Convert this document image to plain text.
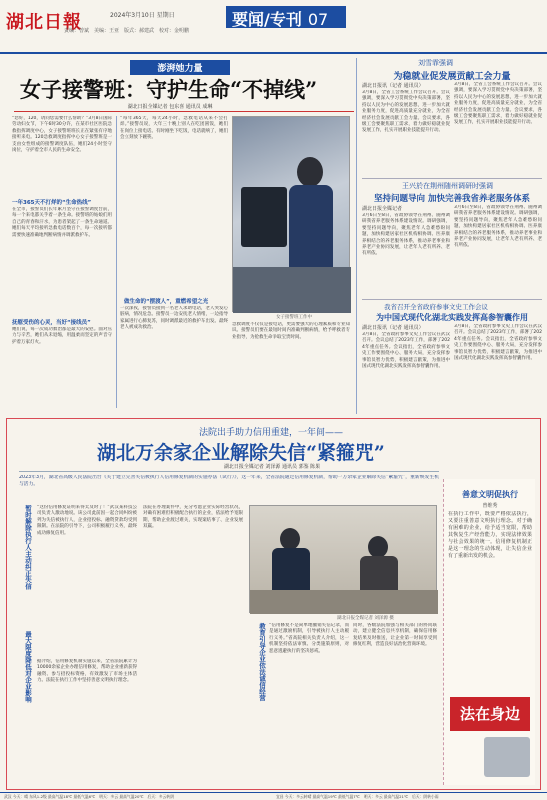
湖北日報	2024年3月10日 星期日
责编：曾斌　美编：王亚　版式：郝建武　校对：金明鹏
要闻/专刊 07
澎湃她力量
女子接警班：守护生命“不掉线”
湖北日报全媒记者 包东喜 通讯员 成琳
“您好，120，请问您需要什么帮助？”3月8日国际劳动妇女节，下午6时30分许，在某市社区医院急救指挥调度中心，女子接警班班长正在紧张有序地接听来电。120急救调度指挥中心女子接警班是一支由女性组成的接警调度队伍，她们24小时坚守岗位，守护着全市人民的生命安全。
一年365天不打烊的“生命热线”
在全市，接警员们长年累月坚守在接警调度台前，每一个来电都关乎着一条生命。接警班的姑娘们用自己的青春和汗水，为患者架起了一条生命通道。她们每天平均接听急救电话数百个，每一次接听都需要快速准确地判断病情并调派救护车。
抚慰受伤的心灵，当好“接线员”
她们说，每一次成功救治都是最大的安慰。面对压力与辛苦，她们从未退缩，用温柔而坚定的声音守护着万家灯火。
“每年365天，每天24小时，急救电话从来不会打烊。”接警员说，大年三十晚上别人在吃团圆饭，她们在岗位上接电话。有时刚坐下吃饭，电话就响了，她们会立刻放下碗筷。
做生命的“摆渡人”，重燃希望之光
一次深夜，接警员接到一名老人求助电话，老人突发心脏病，情况危急。接警员一边安抚老人情绪，一边指导家属进行心肺复苏，同时调派最近的救护车出发。最终老人被成功救治。
女子接警班工作中
急救调度不仅仅是接电话，更需要强大的心理素质和专业知识。接警员们要在最短时间内准确判断病情，给予呼救者专业指导，为抢救生命争取宝贵时间。
刘雪霏强调
为稳就业促发展贡献工会力量
湖北日报讯（记者 通讯员）
3月8日，全省工会系统工作会议召开。会议强调，要深入学习贯彻党中央决策部署，坚持以人民为中心的发展思想，进一步加大就业服务力度，促进高质量充分就业，为全省经济社会发展贡献工会力量。会议要求，各级工会要聚焦职工需求，着力做好稳就业促发展工作，扎实开展职业技能提升行动。
3月8日，全省工会系统工作会议召开。会议强调，要深入学习贯彻党中央决策部署，坚持以人民为中心的发展思想，进一步加大就业服务力度，促进高质量充分就业，为全省经济社会发展贡献工会力量。会议要求，各级工会要聚焦职工需求，着力做好稳就业促发展工作，扎实开展职业技能提升行动。
王兴於在荆州随州调研时强调
坚持问题导向 加快完善我省养老服务体系
湖北日报全媒记者
3月6日至8日，省政协领导在荆州、随州调研我省养老服务体系建设情况。调研强调，要坚持问题导向，聚焦老年人急难愁盼问题，加快构建居家社区机构相协调、医养康养相结合的养老服务体系，推动养老事业和养老产业协同发展，让老年人老有所养、老有所依。
3月6日至8日，省政协领导在荆州、随州调研我省养老服务体系建设情况。调研强调，要坚持问题导向，聚焦老年人急难愁盼问题，加快构建居家社区机构相协调、医养康养相结合的养老服务体系，推动养老事业和养老产业协同发展，让老年人老有所养、老有所依。
我省召开全省政府参事文史工作会议
为中国式现代化湖北实践发挥高参智囊作用
湖北日报讯（记者 通讯员）
3月8日，全省政府参事文史工作会议在武汉召开。会议总结了2023年工作，部署了2024年重点任务。会议指出，全省政府参事文史工作要围绕中心、服务大局，充分发挥参事馆员智力优势，积极建言献策，为推进中国式现代化湖北实践发挥高参智囊作用。
3月8日，全省政府参事文史工作会议在武汉召开。会议总结了2023年工作，部署了2024年重点任务。会议指出，全省政府参事文史工作要围绕中心、服务大局，充分发挥参事馆员智力优势，积极建言献策，为推进中国式现代化湖北实践发挥高参智囊作用。
法院出手助力信用重建，一年间——
湖北万余家企业解除失信“紧箍咒”
湖北日报全媒记者 刘泽源 通讯员 郭鉴 陈果
2023年3月，湖北省高级人民法院出台《关于建立完善失信被执行人信用修复机制的实施办法（试行）》，这一年来，全省法院通过信用修复机制，帮助一万余家企业解除失信“紧箍咒”，重新焕发生机与活力。
暂时解除执行人主动纠正失信 “这份信用修复证明来得太及时了！”武汉某科技公司负责人激动地说。该公司此前因一起合同纠纷被列为失信被执行人，企业招投标、融资贷款均受到限制。在法院的引导下，公司积极履行义务，最终成功修复信用。
最大限度降低对企业影响 据介绍，信用修复机制实施以来，全省法院累计为10000余家企业办理信用修复，帮助企业重新获得融资、参与招投标资格，有效激发了市场主体活力。法院在执行工作中坚持善意文明执行理念。
法院在办理案件中，充分考虑企业实际经营状况，对确有困难但积极配合执行的企业，依法给予宽限期，帮助企业渡过难关，实现案结事了、企业发展双赢。
湖北日报全媒记者 刘泽源 摄
教育引导企业依法诚信经营 “信用修复不是简单地撤销失信记录，而是通过激励机制，引导被执行人主动履行义务。”省高院相关负责人介绍，这一机制坚持依法审慎、分类施策原则，对恶意逃避执行的坚决惩戒。
同时，各级法院加强与相关部门的协同联动，建立健全信息共享机制，确保信用修复结果及时推送，让企业第一时间享受到修复红利，营造良好法治化营商环境。
善意文明促执行
曾维秀
在执行工作中，既要严格依法执行，又要注重善意文明执行理念。对于确有困难的企业，给予适当宽限，帮助其恢复生产经营能力，实现法律效果与社会效果的统一。信用修复机制正是这一理念的生动体现，让失信企业有了重新出发的机会。
法在身边
武汉 今天：晴 东风1-2级 最高气温18℃ 最低气温6℃　明天：多云 最高气温20℃　后天：多云转阴	宜昌 今天：多云转晴 最高气温19℃ 最低气温7℃　明天：多云 最高气温21℃　后天：阴转小雨
